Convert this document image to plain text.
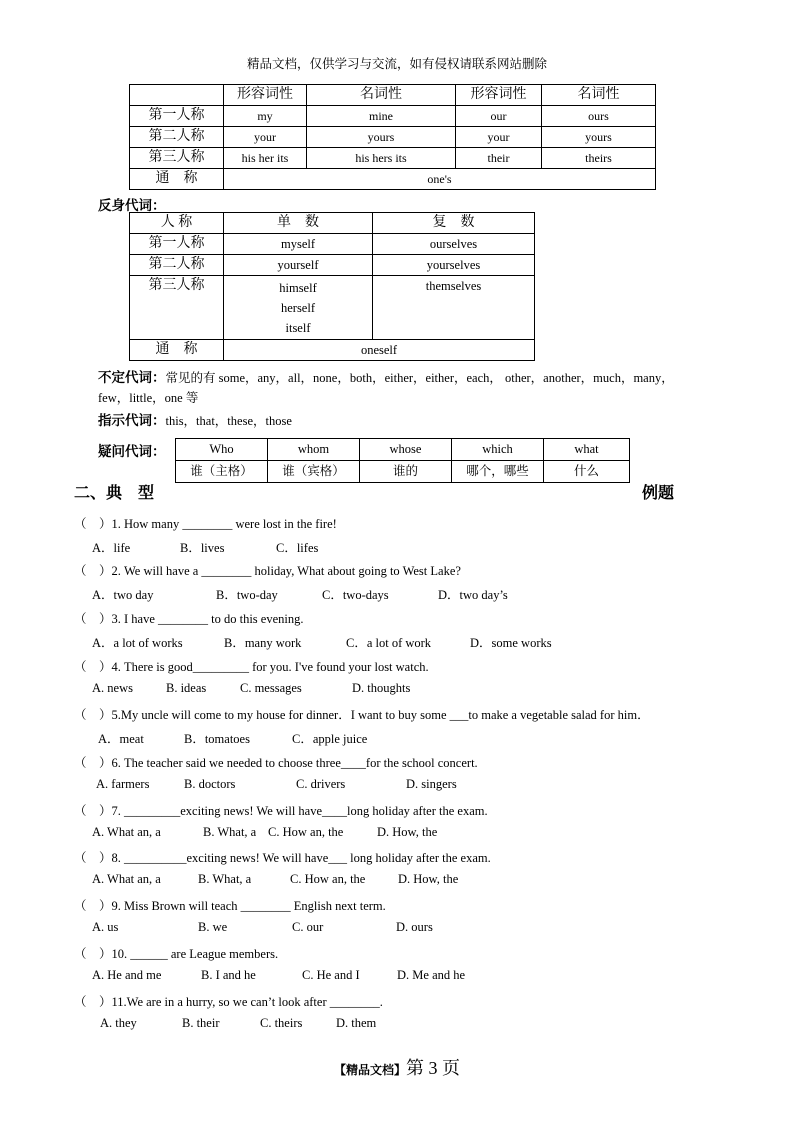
精品文档，仅供学习与交流，如有侵权请联系网站删除
	形容词性	名词性	形容词性	名词性
第一人称	my	mine	our	ours
第二人称	your	yours	your	yours
第三人称	his her its	his hers its	their	theirs
通　称	one's			
反身代词：
人 称	单　数	复　数
第一人称	myself	ourselves
第二人称	yourself	yourselves
第三人称	himself
herself
itself	themselves
通　称	oneself	
不定代词：常见的有 some，any，all，none，both，either，either，each， other，another，much，many，
few，little，one 等
指示代词：this，that，these，those
疑问代词：	Who	whom	whose	which	what
谁（主格）	谁（宾格）	谁的	哪个，哪些	什么
二、典　型	例题
（　）1. How many ________ were lost in the fire!
A．life	B．lives	C．lifes
（　）2. We will have a ________ holiday, What about going to West Lake?
A．two day	B．two-day	C．two-days	D．two day’s
（　）3. I have ________ to do this evening.
A．a lot of works	B．many work	C．a lot of work	D．some works
（　）4. There is good_________ for you. I've found your lost watch.
A. news	B. ideas	C. messages	D. thoughts
（　）5.My uncle will come to my house for dinner．I want to buy some ___to make a vegetable salad for him．
A．meat	B．tomatoes	C．apple juice
（　）6. The teacher said we needed to choose three____for the school concert.
A. farmers	B. doctors	C. drivers	D. singers
（　）7. _________exciting news! We will have____long holiday after the exam.
A. What an, a	B. What, a C. How an, the	D. How, the
（　）8. __________exciting news! We will have___ long holiday after the exam.
A. What an, a	B. What, a	C. How an, the	D. How, the
（　）9. Miss Brown will teach ________ English next term.
A. us	B. we	C. our	D. ours
（　）10. ______ are League members.
A. He and me	B. I and he	C. He and I	D. Me and he
（　）11.We are in a hurry, so we can’t look after ________.
A. they	B. their	C. theirs	D. them
【精品文档】第 3 页
